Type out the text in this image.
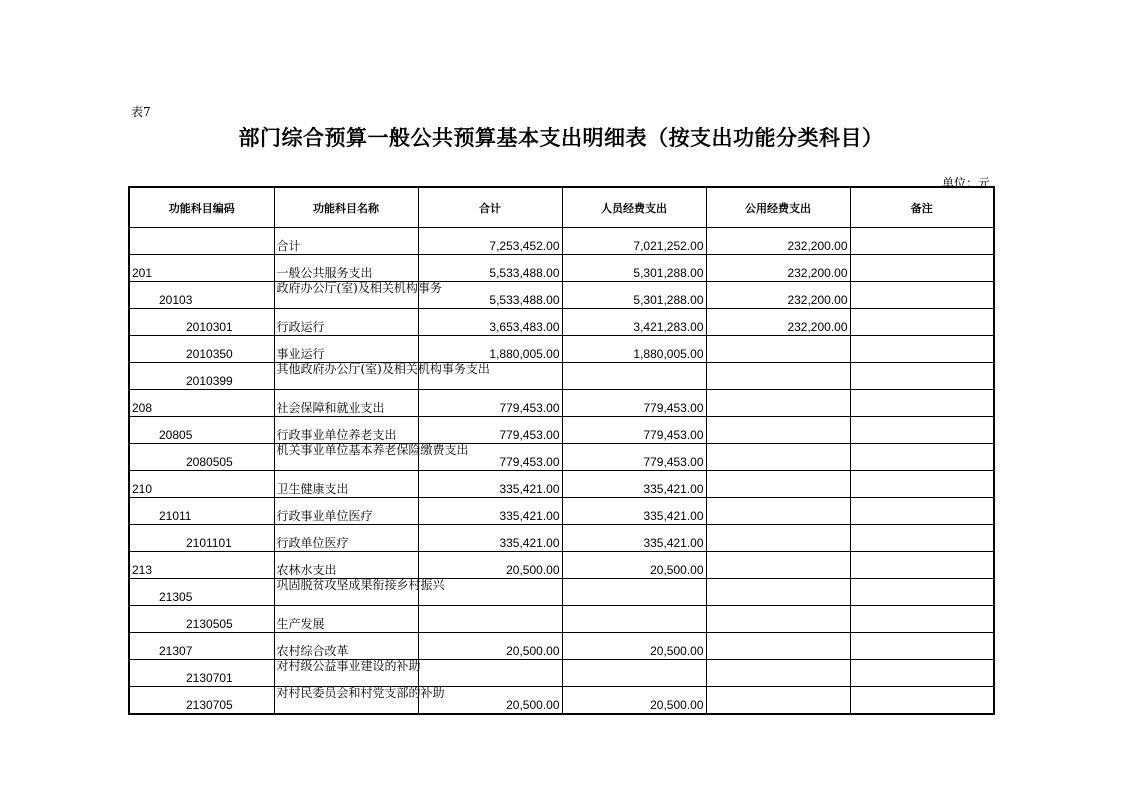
表7
部门综合预算一般公共预算基本支出明细表（按支出功能分类科目）
单位：元
功能科目编码	功能科目名称	合计	人员经费支出	公用经费支出	备注
	合计	7,253,452.00	7,021,252.00	232,200.00	
201	一般公共服务支出	5,533,488.00	5,301,288.00	232,200.00	
20103	政府办公厅(室)及相关机构事务	5,533,488.00	5,301,288.00	232,200.00	
2010301	行政运行	3,653,483.00	3,421,283.00	232,200.00	
2010350	事业运行	1,880,005.00	1,880,005.00		
2010399	其他政府办公厅(室)及相关机构事务支出				

208	社会保障和就业支出	779,453.00	779,453.00		
20805	行政事业单位养老支出	779,453.00	779,453.00		
2080505	机关事业单位基本养老保险缴费支出	779,453.00	779,453.00		
210	卫生健康支出	335,421.00	335,421.00		
21011	行政事业单位医疗	335,421.00	335,421.00		
2101101	行政单位医疗	335,421.00	335,421.00		
213	农林水支出	20,500.00	20,500.00		
21305	巩固脱贫攻坚成果衔接乡村振兴				

2130505	生产发展				
21307	农村综合改革	20,500.00	20,500.00		
2130701	对村级公益事业建设的补助				

2130705	对村民委员会和村党支部的补助	20,500.00	20,500.00		
